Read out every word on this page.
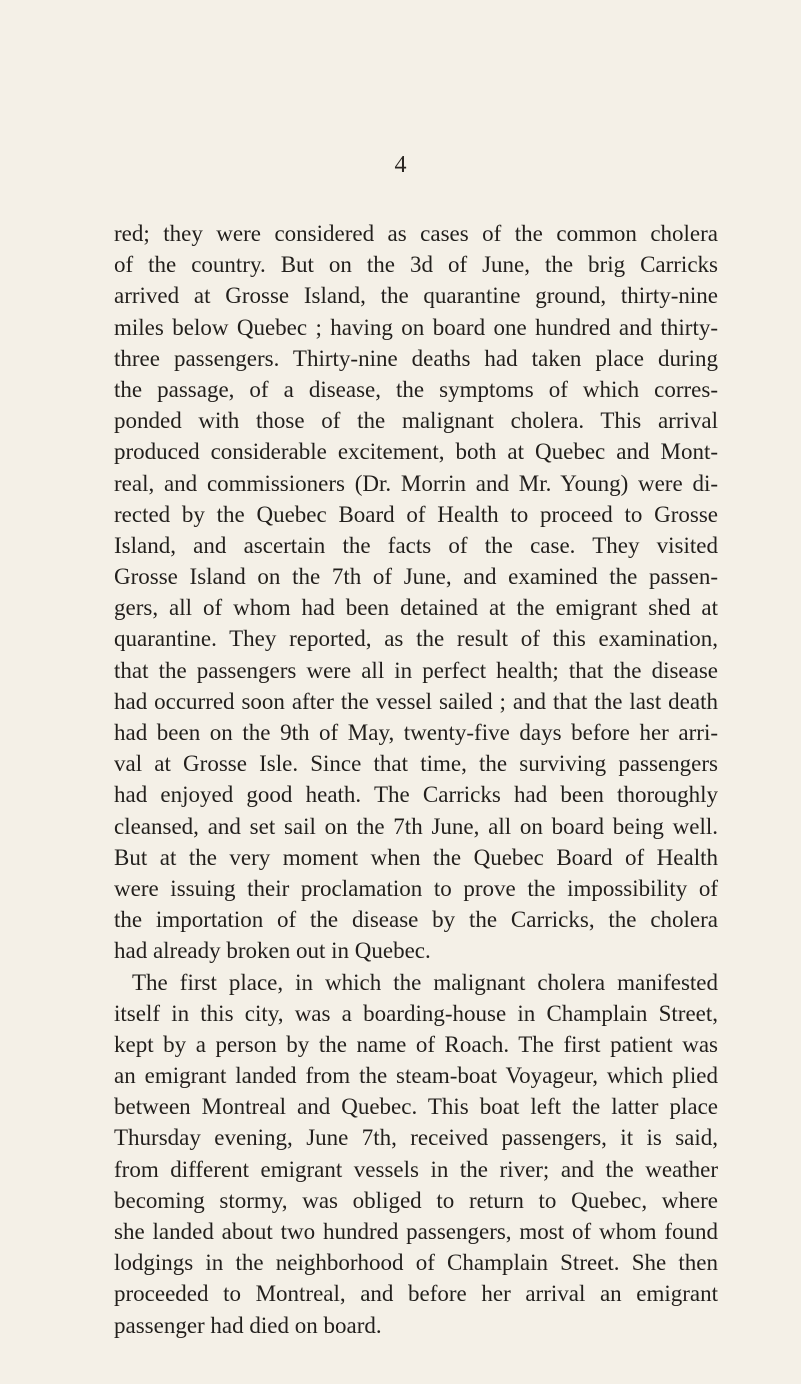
4
red; they were considered as cases of the common cholera
of the country. But on the 3d of June, the brig Carricks
arrived at Grosse Island, the quarantine ground, thirty-nine
miles below Quebec ; having on board one hundred and thirty-
three passengers. Thirty-nine deaths had taken place during
the passage, of a disease, the symptoms of which corres-
ponded with those of the malignant cholera. This arrival
produced considerable excitement, both at Quebec and Mont-
real, and commissioners (Dr. Morrin and Mr. Young) were di-
rected by the Quebec Board of Health to proceed to Grosse
Island, and ascertain the facts of the case. They visited
Grosse Island on the 7th of June, and examined the passen-
gers, all of whom had been detained at the emigrant shed at
quarantine. They reported, as the result of this examination,
that the passengers were all in perfect health; that the disease
had occurred soon after the vessel sailed ; and that the last death
had been on the 9th of May, twenty-five days before her arri-
val at Grosse Isle. Since that time, the surviving passengers
had enjoyed good heath. The Carricks had been thoroughly
cleansed, and set sail on the 7th June, all on board being well.
But at the very moment when the Quebec Board of Health
were issuing their proclamation to prove the impossibility of
the importation of the disease by the Carricks, the cholera
had already broken out in Quebec.
The first place, in which the malignant cholera manifested
itself in this city, was a boarding-house in Champlain Street,
kept by a person by the name of Roach. The first patient was
an emigrant landed from the steam-boat Voyageur, which plied
between Montreal and Quebec. This boat left the latter place
Thursday evening, June 7th, received passengers, it is said,
from different emigrant vessels in the river; and the weather
becoming stormy, was obliged to return to Quebec, where
she landed about two hundred passengers, most of whom found
lodgings in the neighborhood of Champlain Street. She then
proceeded to Montreal, and before her arrival an emigrant
passenger had died on board.
